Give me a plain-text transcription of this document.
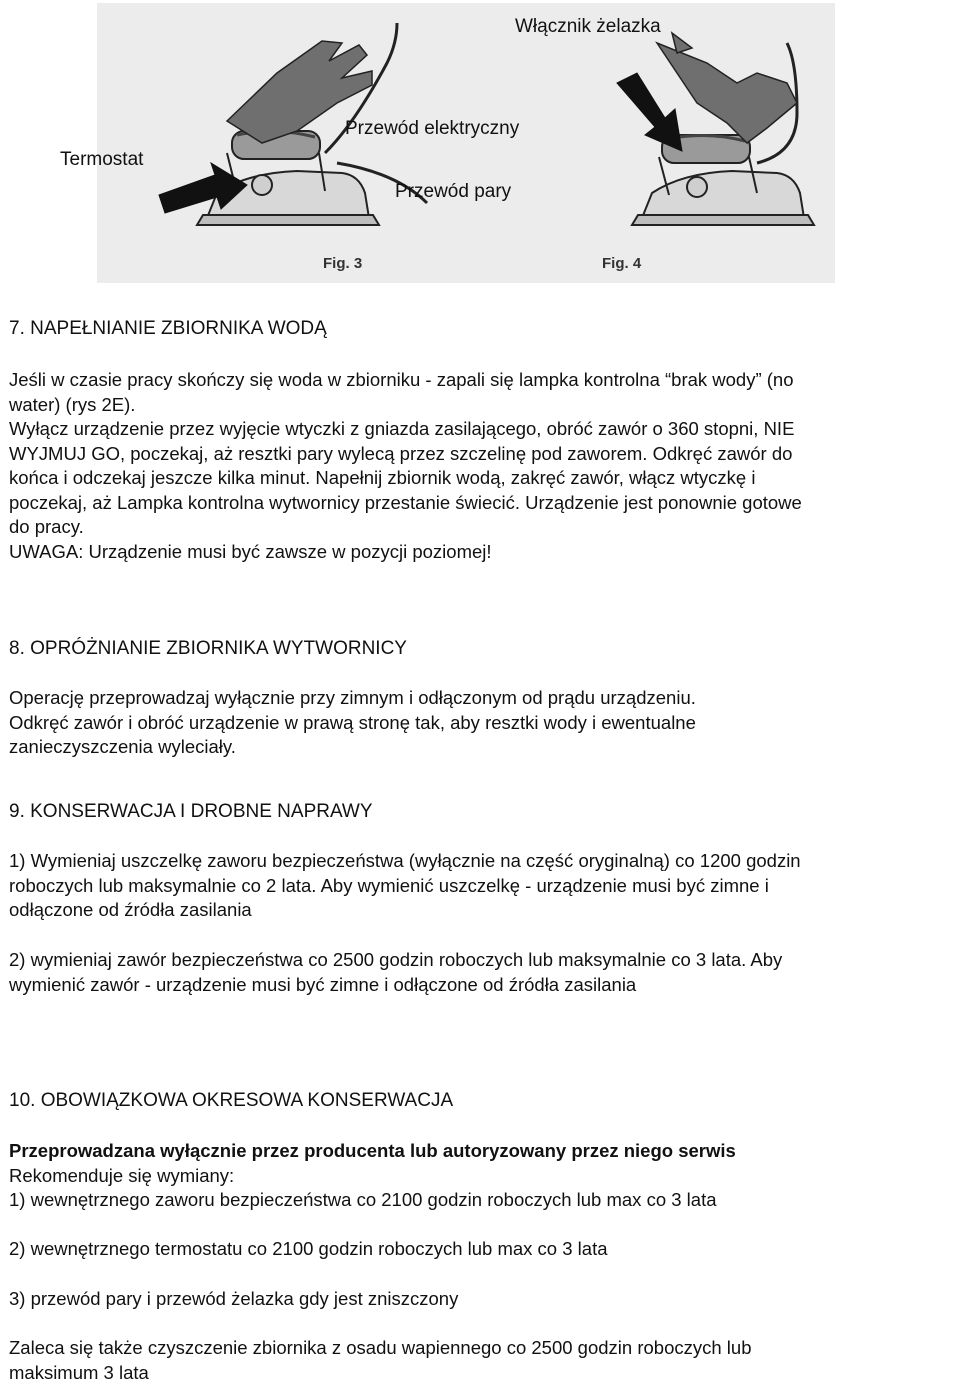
Włącznik żelazka
Przewód elektryczny
Termostat
Przewód pary
Fig. 3	Fig. 4
7. NAPEŁNIANIE ZBIORNIKA WODĄ

Jeśli w czasie pracy skończy się woda w zbiorniku - zapali się lampka kontrolna “brak wody” (no

water) (rys 2E).

Wyłącz urządzenie przez wyjęcie wtyczki z gniazda zasilającego, obróć zawór o 360 stopni, NIE

WYJMUJ GO, poczekaj, aż resztki pary wylecą przez szczelinę pod zaworem. Odkręć zawór do

końca i odczekaj jeszcze kilka minut. Napełnij zbiornik wodą, zakręć zawór, włącz wtyczkę i

poczekaj, aż Lampka kontrolna wytwornicy przestanie świecić. Urządzenie jest ponownie gotowe

do pracy.

UWAGA: Urządzenie musi być zawsze w pozycji poziomej!

8. OPRÓŻNIANIE ZBIORNIKA WYTWORNICY

Operację przeprowadzaj wyłącznie przy zimnym i odłączonym od prądu urządzeniu.

Odkręć zawór i obróć urządzenie w prawą stronę tak, aby resztki wody i ewentualne

zanieczyszczenia wyleciały.

9. KONSERWACJA I DROBNE NAPRAWY

1) Wymieniaj uszczelkę zaworu bezpieczeństwa (wyłącznie na część oryginalną) co 1200 godzin

roboczych lub maksymalnie co 2 lata. Aby wymienić uszczelkę - urządzenie musi być zimne i

odłączone od źródła zasilania

2) wymieniaj zawór bezpieczeństwa co 2500 godzin roboczych lub maksymalnie co 3 lata. Aby

wymienić zawór - urządzenie musi być zimne i odłączone od źródła zasilania

10. OBOWIĄZKOWA OKRESOWA KONSERWACJA

Przeprowadzana wyłącznie przez producenta lub autoryzowany przez niego serwis

Rekomenduje się wymiany:

1) wewnętrznego zaworu bezpieczeństwa co 2100 godzin roboczych lub max co 3 lata

2) wewnętrznego termostatu co 2100 godzin roboczych lub max co 3 lata
3) przewód pary i przewód żelazka gdy jest zniszczony

Zaleca się także czyszczenie zbiornika z osadu wapiennego co 2500 godzin roboczych lub

maksimum 3 lata
